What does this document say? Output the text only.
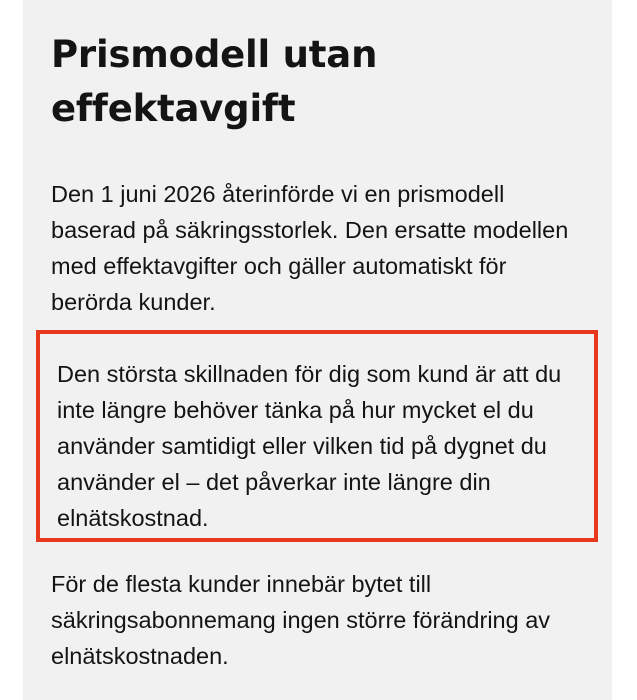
Prismodell utan effektavgift

Den 1 juni 2026 återinförde vi en prismodell baserad på säkringsstorlek. Den ersatte modellen med effektavgifter och gäller automatiskt för berörda kunder.

Den största skillnaden för dig som kund är att du inte längre behöver tänka på hur mycket el du använder samtidigt eller vilken tid på dygnet du använder el – det påverkar inte längre din elnätskostnad.

För de flesta kunder innebär bytet till säkringsabonnemang ingen större förändring av elnätskostnaden.
